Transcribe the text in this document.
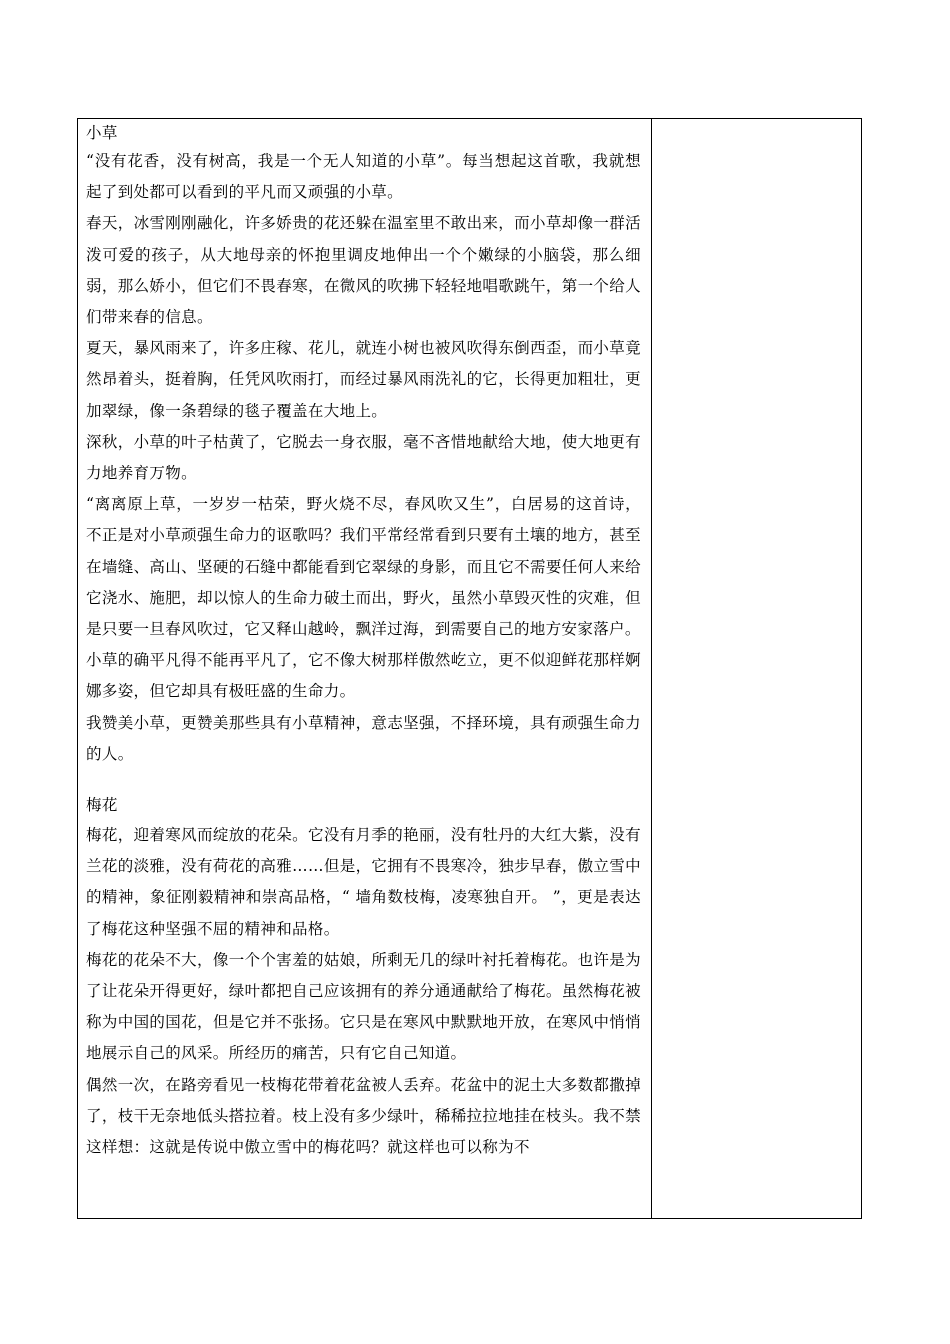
小草

“没有花香，没有树高，我是一个无人知道的小草”。每当想起这首歌，我就想起了到处都可以看到的平凡而又顽强的小草。

春天，冰雪刚刚融化，许多娇贵的花还躲在温室里不敢出来，而小草却像一群活泼可爱的孩子，从大地母亲的怀抱里调皮地伸出一个个嫩绿的小脑袋，那么细弱，那么娇小，但它们不畏春寒，在微风的吹拂下轻轻地唱歌跳午，第一个给人们带来春的信息。

夏天，暴风雨来了，许多庄稼、花儿，就连小树也被风吹得东倒西歪，而小草竟然昂着头，挺着胸，任凭风吹雨打，而经过暴风雨洗礼的它，长得更加粗壮，更加翠绿，像一条碧绿的毯子覆盖在大地上。

深秋，小草的叶子枯黄了，它脱去一身衣服，毫不吝惜地献给大地，使大地更有力地养育万物。

“离离原上草，一岁岁一枯荣，野火烧不尽，春风吹又生”，白居易的这首诗，不正是对小草顽强生命力的讴歌吗？我们平常经常看到只要有土壤的地方，甚至在墙缝、高山、坚硬的石缝中都能看到它翠绿的身影，而且它不需要任何人来给它浇水、施肥，却以惊人的生命力破土而出，野火，虽然小草毁灭性的灾难，但是只要一旦春风吹过，它又释山越岭，飘洋过海，到需要自己的地方安家落户。

小草的确平凡得不能再平凡了，它不像大树那样傲然屹立，更不似迎鲜花那样婀娜多姿，但它却具有极旺盛的生命力。

我赞美小草，更赞美那些具有小草精神，意志坚强，不择环境，具有顽强生命力的人。

梅花

梅花，迎着寒风而绽放的花朵。它没有月季的艳丽，没有牡丹的大红大紫，没有兰花的淡雅，没有荷花的高雅……但是，它拥有不畏寒冷，独步早春，傲立雪中的精神，象征刚毅精神和崇高品格，“ 墙角数枝梅，凌寒独自开。 ”，更是表达了梅花这种坚强不屈的精神和品格。

梅花的花朵不大，像一个个害羞的姑娘，所剩无几的绿叶衬托着梅花。也许是为了让花朵开得更好，绿叶都把自己应该拥有的养分通通献给了梅花。虽然梅花被称为中国的国花，但是它并不张扬。它只是在寒风中默默地开放，在寒风中悄悄地展示自己的风采。所经历的痛苦，只有它自己知道。

偶然一次，在路旁看见一枝梅花带着花盆被人丢弃。花盆中的泥土大多数都撒掉了，枝干无奈地低头搭拉着。枝上没有多少绿叶，稀稀拉拉地挂在枝头。我不禁这样想：这就是传说中傲立雪中的梅花吗？就这样也可以称为不
